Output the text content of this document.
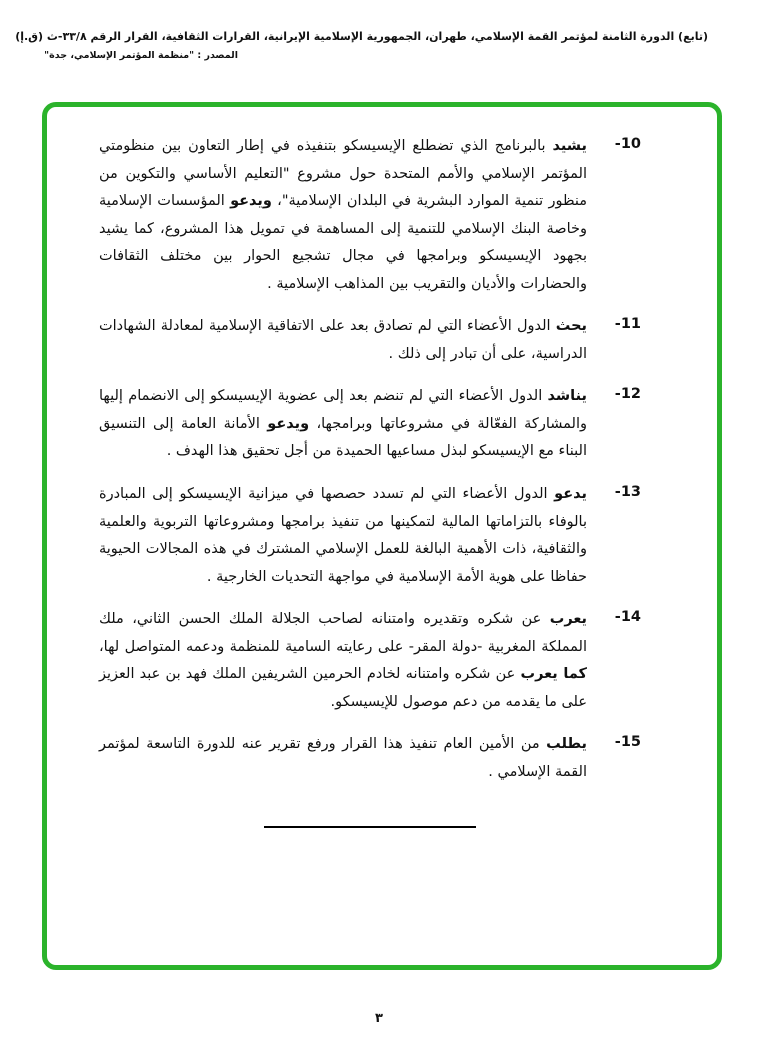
(تابع) الدورة الثامنة لمؤتمر القمة الإسلامي، طهران، الجمهورية الإسلامية الإيرانية، القرارات الثقافية، القرار الرقم ٣٣/٨-ث (ق.إ)
المصدر : "منظمة المؤتمر الإسلامي، جدة"
-10
يشيد بالبرنامج الذي تضطلع الإيسيسكو بتنفيذه في إطار التعاون بين منظومتي المؤتمر الإسلامي والأمم المتحدة حول مشروع "التعليم الأساسي والتكوين من منظور تنمية الموارد البشرية في البلدان الإسلامية"، ويدعو المؤسسات الإسلامية وخاصة البنك الإسلامي للتنمية إلى المساهمة في تمويل هذا المشروع، كما يشيد بجهود الإيسيسكو وبرامجها في مجال تشجيع الحوار بين مختلف الثقافات والحضارات والأديان والتقريب بين المذاهب الإسلامية .
-11
يحث الدول الأعضاء التي لم تصادق بعد على الاتفاقية الإسلامية لمعادلة الشهادات الدراسية، على أن تبادر إلى ذلك .
-12
يناشد الدول الأعضاء التي لم تنضم بعد إلى عضوية الإيسيسكو إلى الانضمام إليها والمشاركة الفعّالة في مشروعاتها وبرامجها، ويدعو الأمانة العامة إلى التنسيق البناء مع الإيسيسكو لبذل مساعيها الحميدة من أجل تحقيق هذا الهدف .
-13
يدعو الدول الأعضاء التي لم تسدد حصصها في ميزانية الإيسيسكو إلى المبادرة بالوفاء بالتزاماتها المالية لتمكينها من تنفيذ برامجها ومشروعاتها التربوية والعلمية والثقافية، ذات الأهمية البالغة للعمل الإسلامي المشترك في هذه المجالات الحيوية حفاظا على هوية الأمة الإسلامية في مواجهة التحديات الخارجية .
-14
يعرب عن شكره وتقديره وامتنانه لصاحب الجلالة الملك الحسن الثاني، ملك المملكة المغربية -دولة المقر- على رعايته السامية للمنظمة ودعمه المتواصل لها، كما يعرب عن شكره وامتنانه لخادم الحرمين الشريفين الملك فهد بن عبد العزيز على ما يقدمه من دعم موصول للإيسيسكو.
-15
يطلب من الأمين العام تنفيذ هذا القرار ورفع تقرير عنه للدورة التاسعة لمؤتمر القمة الإسلامي .
٣
